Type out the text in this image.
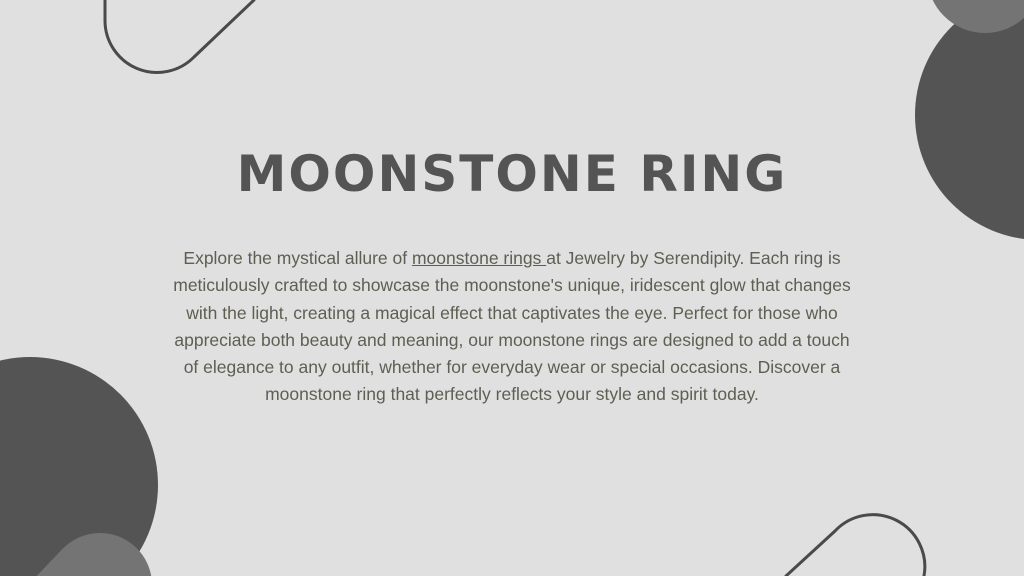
MOONSTONE RING

Explore the mystical allure of moonstone rings at Jewelry by Serendipity. Each ring is meticulously crafted to showcase the moonstone's unique, iridescent glow that changes with the light, creating a magical effect that captivates the eye. Perfect for those who appreciate both beauty and meaning, our moonstone rings are designed to add a touch of elegance to any outfit, whether for everyday wear or special occasions. Discover a moonstone ring that perfectly reflects your style and spirit today.
